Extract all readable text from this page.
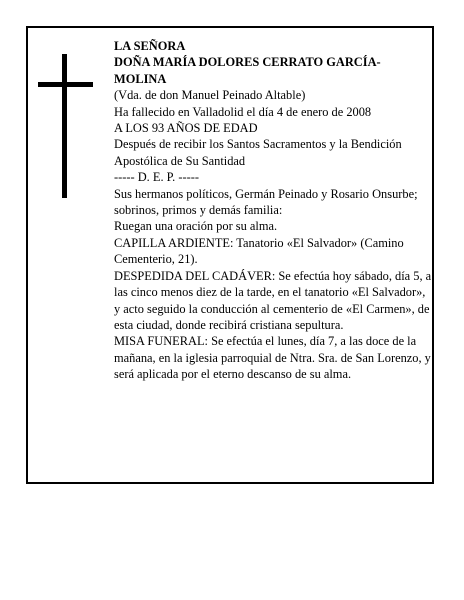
LA SEÑORA

DOÑA MARÍA DOLORES CERRATO GARCÍA-MOLINA

(Vda. de don Manuel Peinado Altable)

Ha fallecido en Valladolid el día 4 de enero de 2008

A LOS 93 AÑOS DE EDAD

Después de recibir los Santos Sacramentos y la Bendición Apostólica de Su Santidad

----- D. E. P. -----

Sus hermanos políticos, Germán Peinado y Rosario Onsurbe; sobrinos, primos y demás familia:

Ruegan una oración por su alma.

CAPILLA ARDIENTE: Tanatorio «El Salvador» (Camino Cementerio, 21).

DESPEDIDA DEL CADÁVER: Se efectúa hoy sábado, día 5, a las cinco menos diez de la tarde, en el tanatorio «El Salvador», y acto seguido la conducción al cementerio de «El Carmen», de esta ciudad, donde recibirá cristiana sepultura.

MISA FUNERAL: Se efectúa el lunes, día 7, a las doce de la mañana, en la iglesia parroquial de Ntra. Sra. de San Lorenzo, y será aplicada por el eterno descanso de su alma.
